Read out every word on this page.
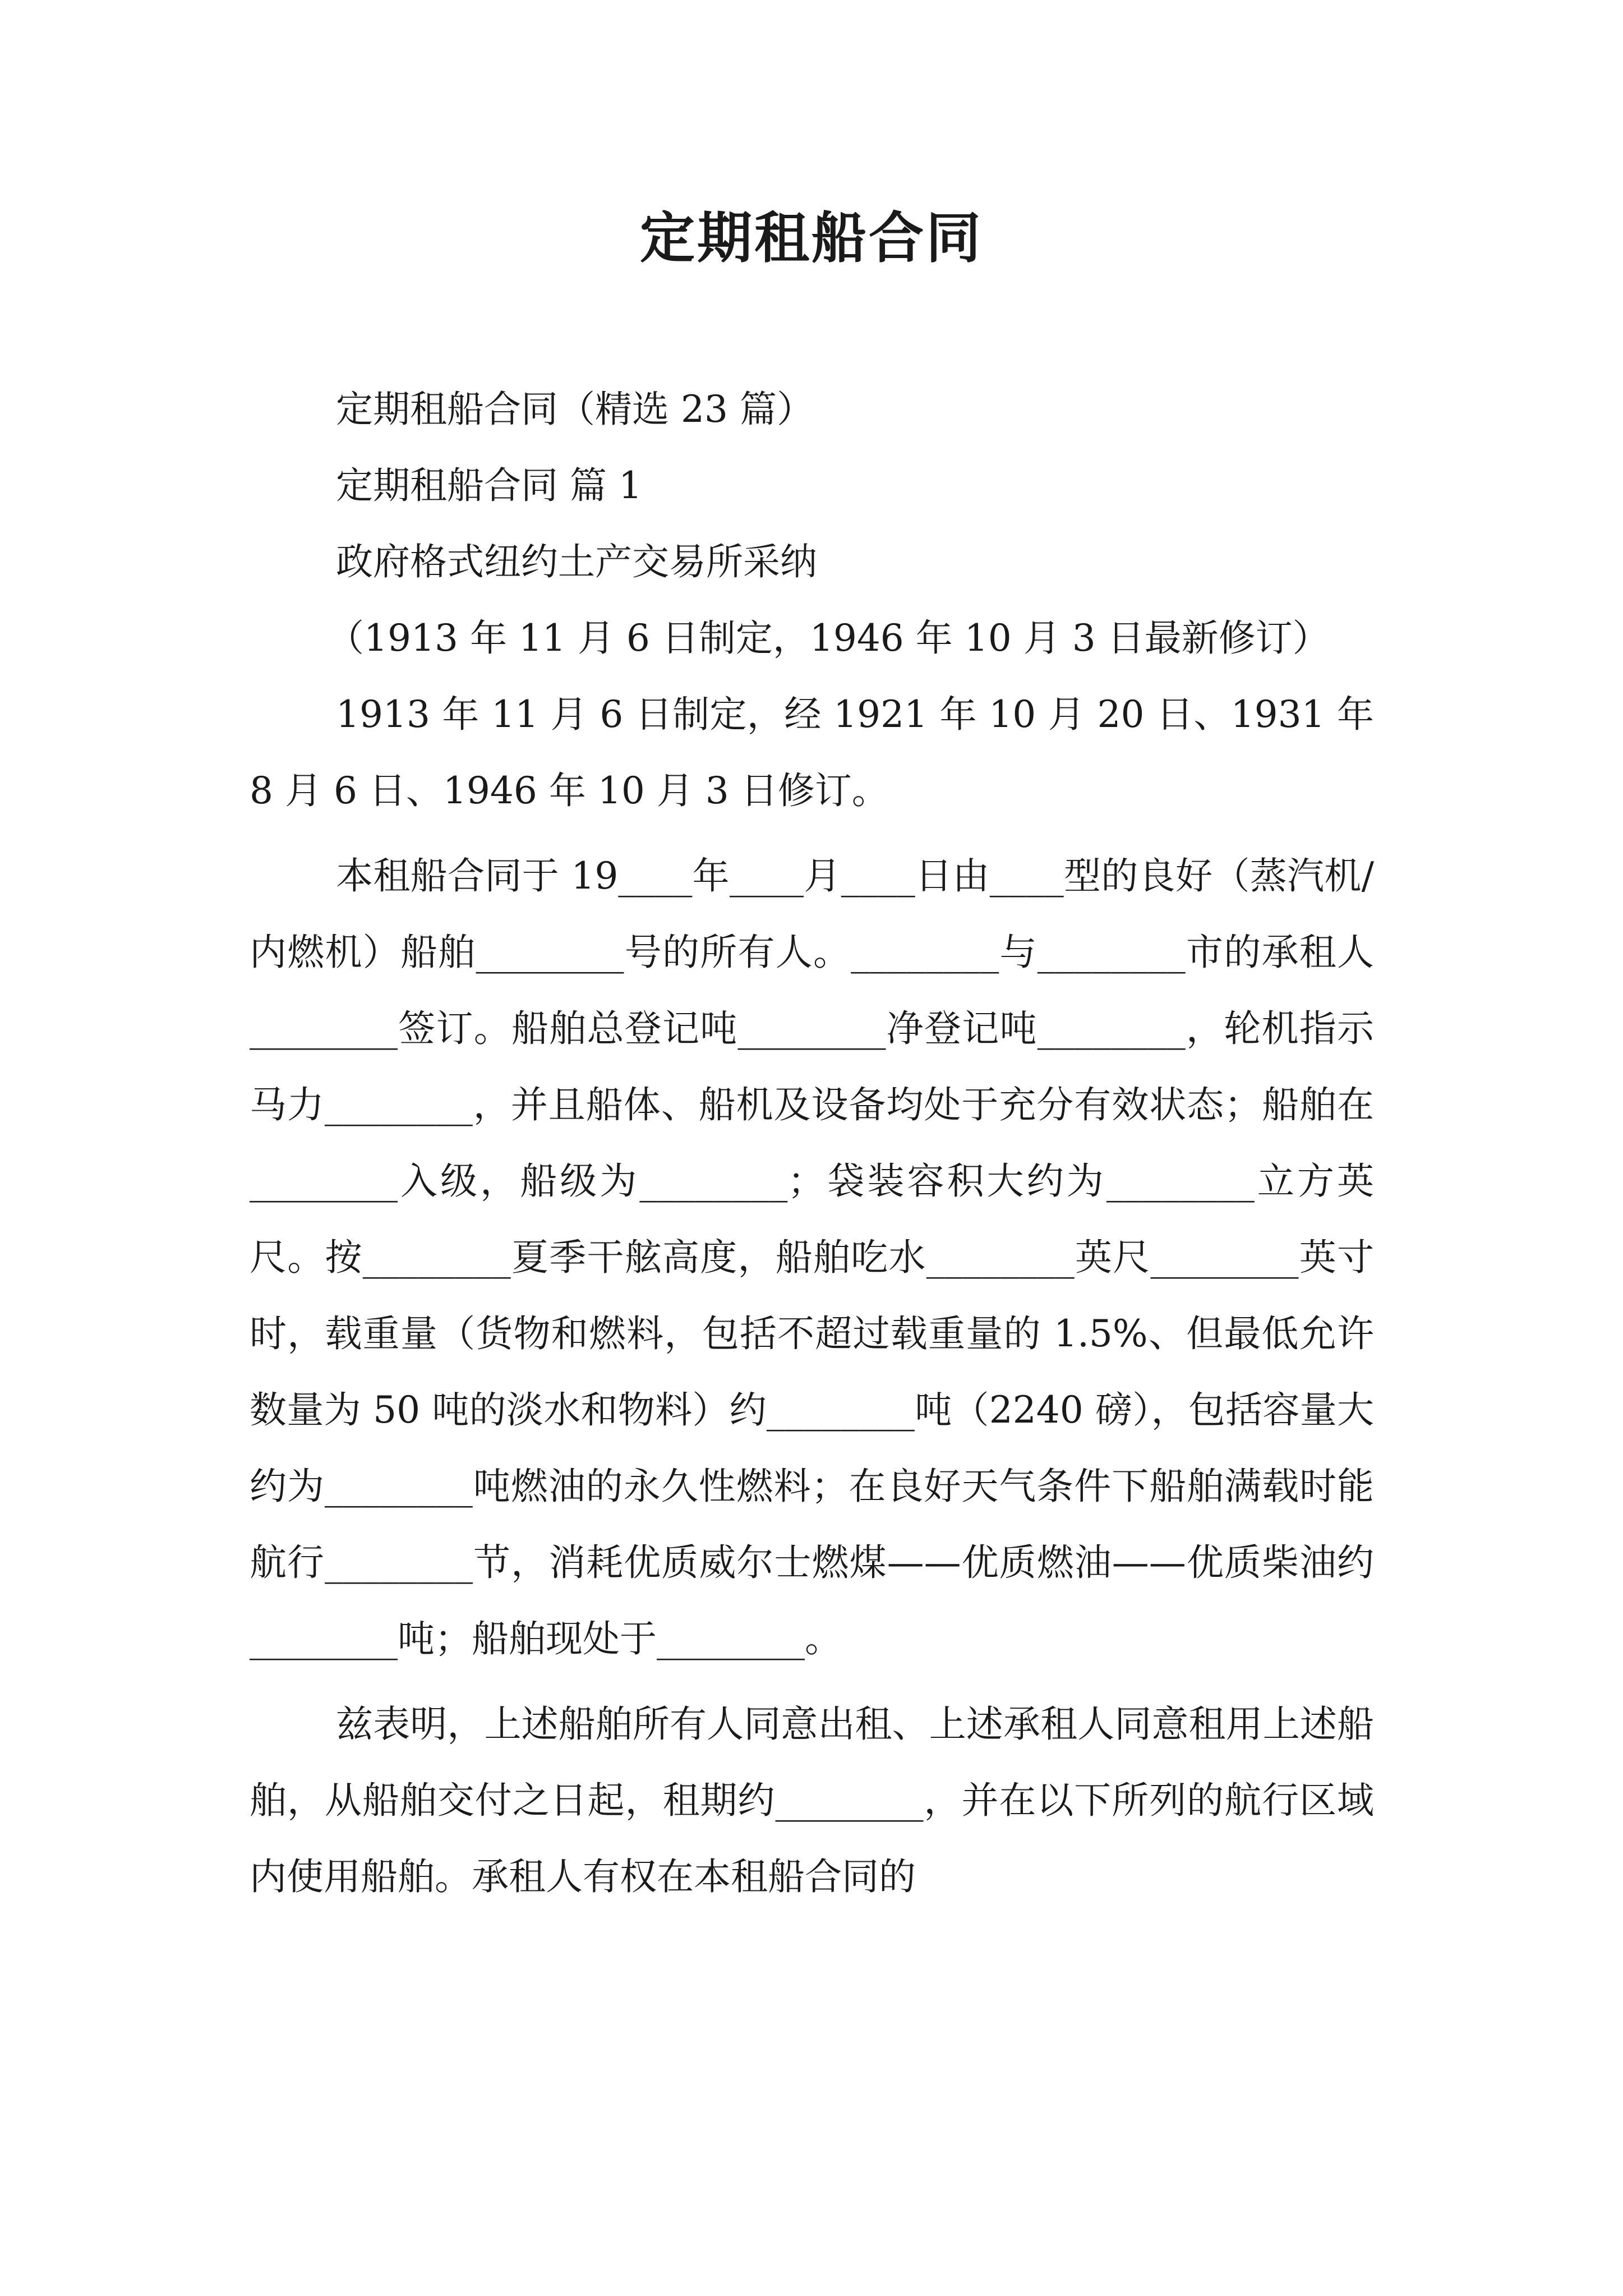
定期租船合同

定期租船合同（精选 23 篇）

定期租船合同 篇 1

政府格式纽约土产交易所采纳

（1913 年 11 月 6 日制定，1946 年 10 月 3 日最新修订）

1913 年 11 月 6 日制定，经 1921 年 10 月 20 日、1931 年 8 月 6 日、1946 年 10 月 3 日修订。

本租船合同于 19____年____月____日由____型的良好（蒸汽机/内燃机）船舶________号的所有人。________与________市的承租人________签订。船舶总登记吨________净登记吨________，轮机指示马力________，并且船体、船机及设备均处于充分有效状态；船舶在________入级，船级为________；袋装容积大约为________立方英尺。按________夏季干舷高度，船舶吃水________英尺________英寸时，载重量（货物和燃料，包括不超过载重量的 1.5%、但最低允许数量为 50 吨的淡水和物料）约________吨（2240 磅），包括容量大约为________吨燃油的永久性燃料；在良好天气条件下船舶满载时能航行________节，消耗优质威尔士燃煤——优质燃油——优质柴油约________吨；船舶现处于________。

兹表明，上述船舶所有人同意出租、上述承租人同意租用上述船舶，从船舶交付之日起，租期约________，并在以下所列的航行区域内使用船舶。承租人有权在本租船合同的
